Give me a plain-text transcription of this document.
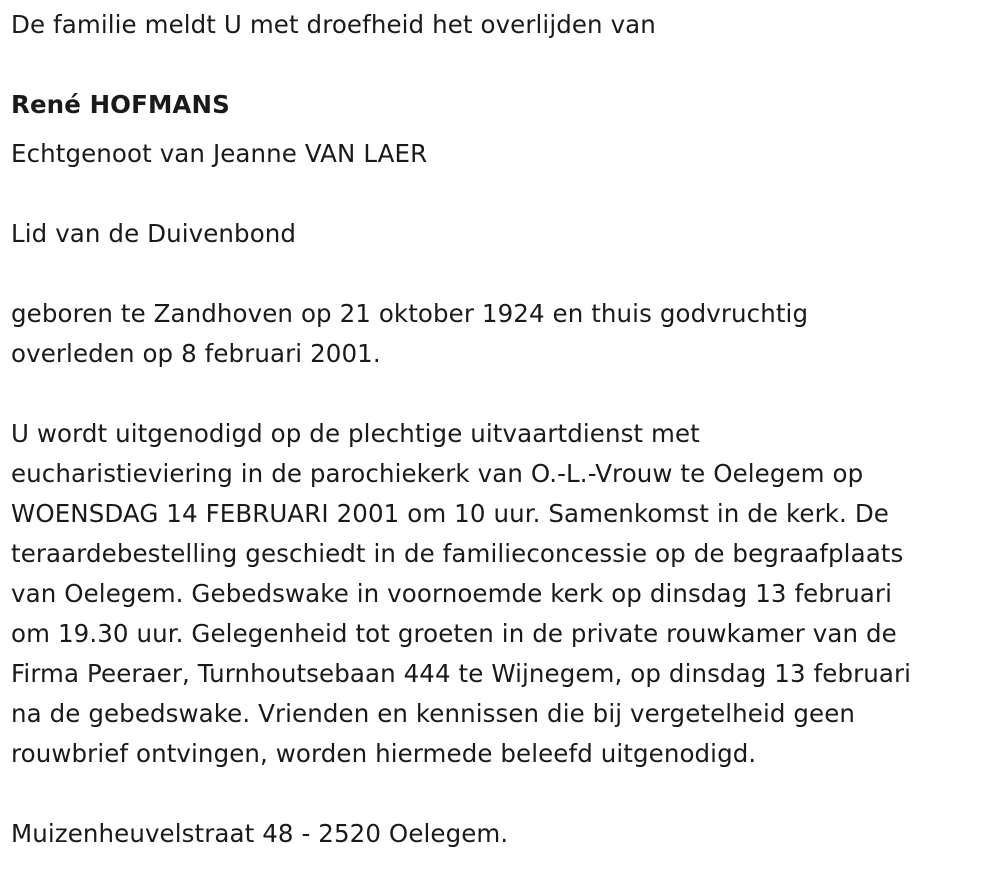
De familie meldt U met droefheid het overlijden van
René HOFMANS
Echtgenoot van Jeanne VAN LAER
Lid van de Duivenbond
geboren te Zandhoven op 21 oktober 1924 en thuis godvruchtig
overleden op 8 februari 2001.
U wordt uitgenodigd op de plechtige uitvaartdienst met
eucharistieviering in de parochiekerk van O.-L.-Vrouw te Oelegem op
WOENSDAG 14 FEBRUARI 2001 om 10 uur. Samenkomst in de kerk. De
teraardebestelling geschiedt in de familieconcessie op de begraafplaats
van Oelegem. Gebedswake in voornoemde kerk op dinsdag 13 februari
om 19.30 uur. Gelegenheid tot groeten in de private rouwkamer van de
Firma Peeraer, Turnhoutsebaan 444 te Wijnegem, op dinsdag 13 februari
na de gebedswake. Vrienden en kennissen die bij vergetelheid geen
rouwbrief ontvingen, worden hiermede beleefd uitgenodigd.
Muizenheuvelstraat 48 - 2520 Oelegem.
